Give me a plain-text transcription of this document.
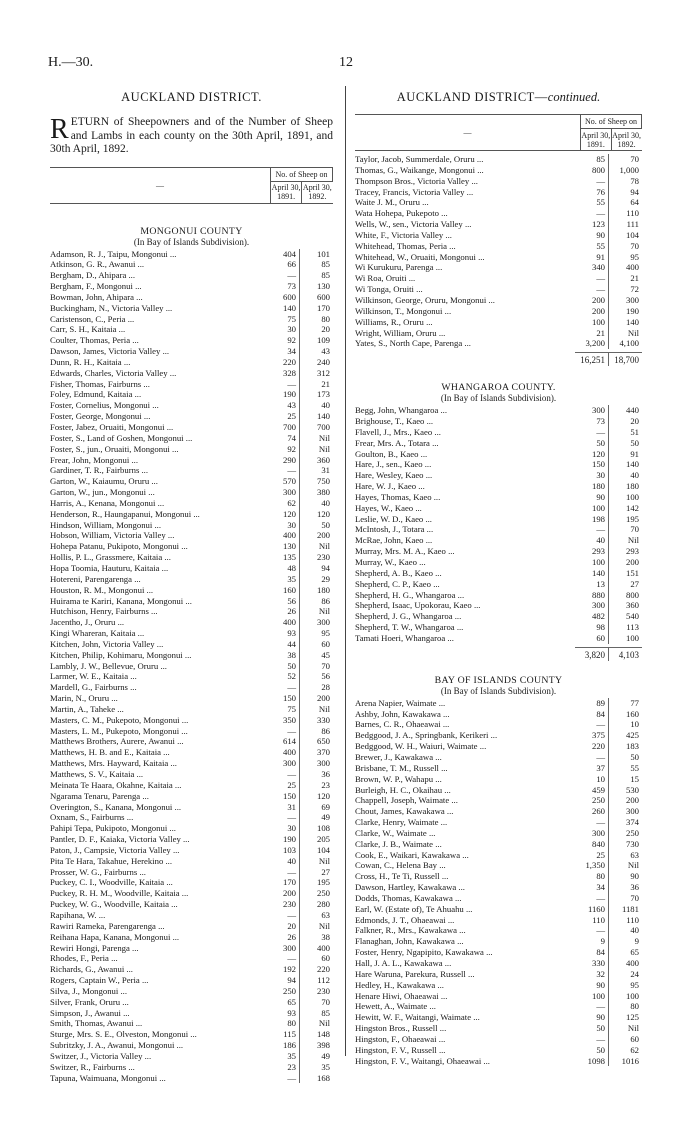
H.—30.	12
AUCKLAND DISTRICT.
RETURN of Sheepowners and of the Number of Sheep and Lambs in each county on the 30th April, 1891, and 30th April, 1892.
—	No. of Sheep on	
	April 30, 1891.	April 30, 1892.
MONGONUI COUNTY
(In Bay of Islands Subdivision).
Adamson, R. J., Taipu, Mongonui ...	404	101
Atkinson, G. R., Awanui ...	66	85
Bergham, D., Ahipara ...	—	85
Bergham, F., Mongonui ...	73	130
Bowman, John, Ahipara ...	600	600
Buckingham, N., Victoria Valley ...	140	170
Caristenson, C., Peria ...	75	80
Carr, S. H., Kaitaia ...	30	20
Coulter, Thomas, Peria ...	92	109
Dawson, James, Victoria Valley ...	34	43
Dunn, R. H., Kaitaia ...	220	240
Edwards, Charles, Victoria Valley ...	328	312
Fisher, Thomas, Fairburns ...	—	21
Foley, Edmund, Kaitaia ...	190	173
Foster, Cornelius, Mongonui ...	43	40
Foster, George, Mongonui ...	25	140
Foster, Jabez, Oruaiti, Mongonui ...	700	700
Foster, S., Land of Goshen, Mongonui ...	74	Nil
Foster, S., jun., Oruaiti, Mongonui ...	92	Nil
Frear, John, Mongonui ...	290	360
Gardiner, T. R., Fairburns ...	—	31
Garton, W., Kaiaumu, Oruru ...	570	750
Garton, W., jun., Mongonui ...	300	380
Harris, A., Kenana, Mongonui ...	62	40
Henderson, R., Haungapanui, Mongonui ...	120	120
Hindson, William, Mongonui ...	30	50
Hobson, William, Victoria Valley ...	400	200
Hohepa Patanu, Pukipoto, Mongonui ...	130	Nil
Hollis, P. L., Grassmere, Kaitaia ...	135	230
Hopa Toomia, Hauturu, Kaitaia ...	48	94
Hotereni, Parengarenga ...	35	29
Houston, R. M., Mongonui ...	160	180
Huirama te Kariri, Kanana, Mongonui ...	56	86
Hutchison, Henry, Fairburns ...	26	Nil
Jacentho, J., Oruru ...	400	300
Kingi Whareran, Kaitaia ...	93	95
Kitchen, John, Victoria Valley ...	44	60
Kitchen, Philip, Kohimaru, Mongonui ...	38	45
Lambly, J. W., Bellevue, Oruru ...	50	70
Larmer, W. E., Kaitaia ...	52	56
Mardell, G., Fairburns ...	—	28
Marin, N., Oruru ...	150	200
Martin, A., Taheke ...	75	Nil
Masters, C. M., Pukepoto, Mongonui ...	350	330
Masters, L. M., Pukepoto, Mongonui ...	—	86
Matthews Brothers, Aurere, Awanui ...	614	650
Matthews, H. B. and E., Kaitaia ...	400	370
Matthews, Mrs. Hayward, Kaitaia ...	300	300
Matthews, S. V., Kaitaia ...	—	36
Meinata Te Haara, Okahne, Kaitaia ...	25	23
Ngarama Tenaru, Parenga ...	150	120
Overington, S., Kanana, Mongonui ...	31	69
Oxnam, S., Fairburns ...	—	49
Pahipi Tepa, Pukipoto, Mongonui ...	30	108
Pantler, D. F., Kaiaka, Victoria Valley ...	190	205
Paton, J., Campsie, Victoria Valley ...	103	104
Pita Te Hara, Takahue, Herekino ...	40	Nil
Prosser, W. G., Fairburns ...	—	27
Puckey, C. I., Woodville, Kaitaia ...	170	195
Puckey, R. H. M., Woodville, Kaitaia ...	200	250
Puckey, W. G., Woodville, Kaitaia ...	230	280
Rapihana, W. ...	—	63
Rawiri Rameka, Parengarenga ...	20	Nil
Reihana Hapa, Kanana, Mongonui ...	26	38
Rewiri Hongi, Parenga ...	300	400
Rhodes, F., Peria ...	—	60
Richards, G., Awanui ...	192	220
Rogers, Captain W., Peria ...	94	112
Silva, J., Mongonui ...	250	230
Silver, Frank, Oruru ...	65	70
Simpson, J., Awanui ...	93	85
Smith, Thomas, Awanui ...	80	Nil
Sturge, Mrs. S. E., Olveston, Mongonui ...	115	148
Subritzky, J. A., Awanui, Mongonui ...	186	398
Switzer, J., Victoria Valley ...	35	49
Switzer, R., Fairburns ...	23	35
Tapuna, Waimuana, Mongonui ...	—	168
AUCKLAND DISTRICT—continued.
—	No. of Sheep on	
	April 30, 1891.	April 30, 1892.
Taylor, Jacob, Summerdale, Oruru ...	85	70
Thomas, G., Waikange, Mongonui ...	800	1,000
Thompson Bros., Victoria Valley ...	—	78
Tracey, Francis, Victoria Valley ...	76	94
Waite J. M., Oruru ...	55	64
Wata Hohepa, Pukepoto ...	—	110
Wells, W., sen., Victoria Valley ...	123	111
White, F., Victoria Valley ...	90	104
Whitehead, Thomas, Peria ...	55	70
Whitehead, W., Oruaiti, Mongonui ...	91	95
Wi Kurukuru, Parenga ...	340	400
Wi Roa, Oruiti ...	—	21
Wi Tonga, Oruiti ...	—	72
Wilkinson, George, Oruru, Mongonui ...	200	300
Wilkinson, T., Mongonui ...	200	190
Williams, R., Oruru ...	100	140
Wright, William, Oruru ...	21	Nil
Yates, S., North Cape, Parenga ...	3,200	4,100
16,251	18,700
WHANGAROA COUNTY.
(In Bay of Islands Subdivision).
Begg, John, Whangaroa ...	300	440
Brighouse, T., Kaeo ...	73	20
Flavell, J., Mrs., Kaeo ...	—	51
Frear, Mrs. A., Totara ...	50	50
Goulton, B., Kaeo ...	120	91
Hare, J., sen., Kaeo ...	150	140
Hare, Wesley, Kaeo ...	30	40
Hare, W. J., Kaeo ...	180	180
Hayes, Thomas, Kaeo ...	90	100
Hayes, W., Kaeo ...	100	142
Leslie, W. D., Kaeo ...	198	195
McIntosh, J., Totara ...	—	70
McRae, John, Kaeo ...	40	Nil
Murray, Mrs. M. A., Kaeo ...	293	293
Murray, W., Kaeo ...	100	200
Shepherd, A. B., Kaeo ...	140	151
Shepherd, C. P., Kaeo ...	13	27
Shepherd, H. G., Whangaroa ...	880	800
Shepherd, Isaac, Upokorau, Kaeo ...	300	360
Shepherd, J. G., Whangaroa ...	482	540
Shepherd, T. W., Whangaroa ...	98	113
Tamati Hoeri, Whangaroa ...	60	100
3,820	4,103
BAY OF ISLANDS COUNTY
(In Bay of Islands Subdivision).
Arena Napier, Waimate ...	89	77
Ashby, John, Kawakawa ...	84	160
Barnes, C. R., Ohaeawai ...	—	10
Bedggood, J. A., Springbank, Kerikeri ...	375	425
Bedggood, W. H., Waiuri, Waimate ...	220	183
Brewer, J., Kawakawa ...	—	50
Brisbane, T. M., Russell ...	37	55
Brown, W. P., Wahapu ...	10	15
Burleigh, H. C., Okaihau ...	459	530
Chappell, Joseph, Waimate ...	250	200
Chout, James, Kawakawa ...	260	300
Clarke, Henry, Waimate ...	—	374
Clarke, W., Waimate ...	300	250
Clarke, J. B., Waimate ...	840	730
Cook, E., Waikari, Kawakawa ...	25	63
Cowan, C., Helena Bay ...	1,350	Nil
Cross, H., Te Ti, Russell ...	80	90
Dawson, Hartley, Kawakawa ...	34	36
Dodds, Thomas, Kawakawa ...	—	70
Earl, W. (Estate of), Te Ahuahu ...	1160	1181
Edmonds, J. T., Ohaeawai ...	110	110
Falkner, R., Mrs., Kawakawa ...	—	40
Flanaghan, John, Kawakawa ...	9	9
Foster, Henry, Ngapipito, Kawakawa ...	84	65
Hall, J. A. L., Kawakawa ...	330	400
Hare Waruna, Parekura, Russell ...	32	24
Hedley, H., Kawakawa ...	90	95
Henare Hiwi, Ohaeawai ...	100	100
Hewett, A., Waimate ...	—	80
Hewitt, W. F., Waitangi, Waimate ...	90	125
Hingston Bros., Russell ...	50	Nil
Hingston, F., Ohaeawai ...	—	60
Hingston, F. V., Russell ...	50	62
Hingston, F. V., Waitangi, Ohaeawai ...	1098	1016
